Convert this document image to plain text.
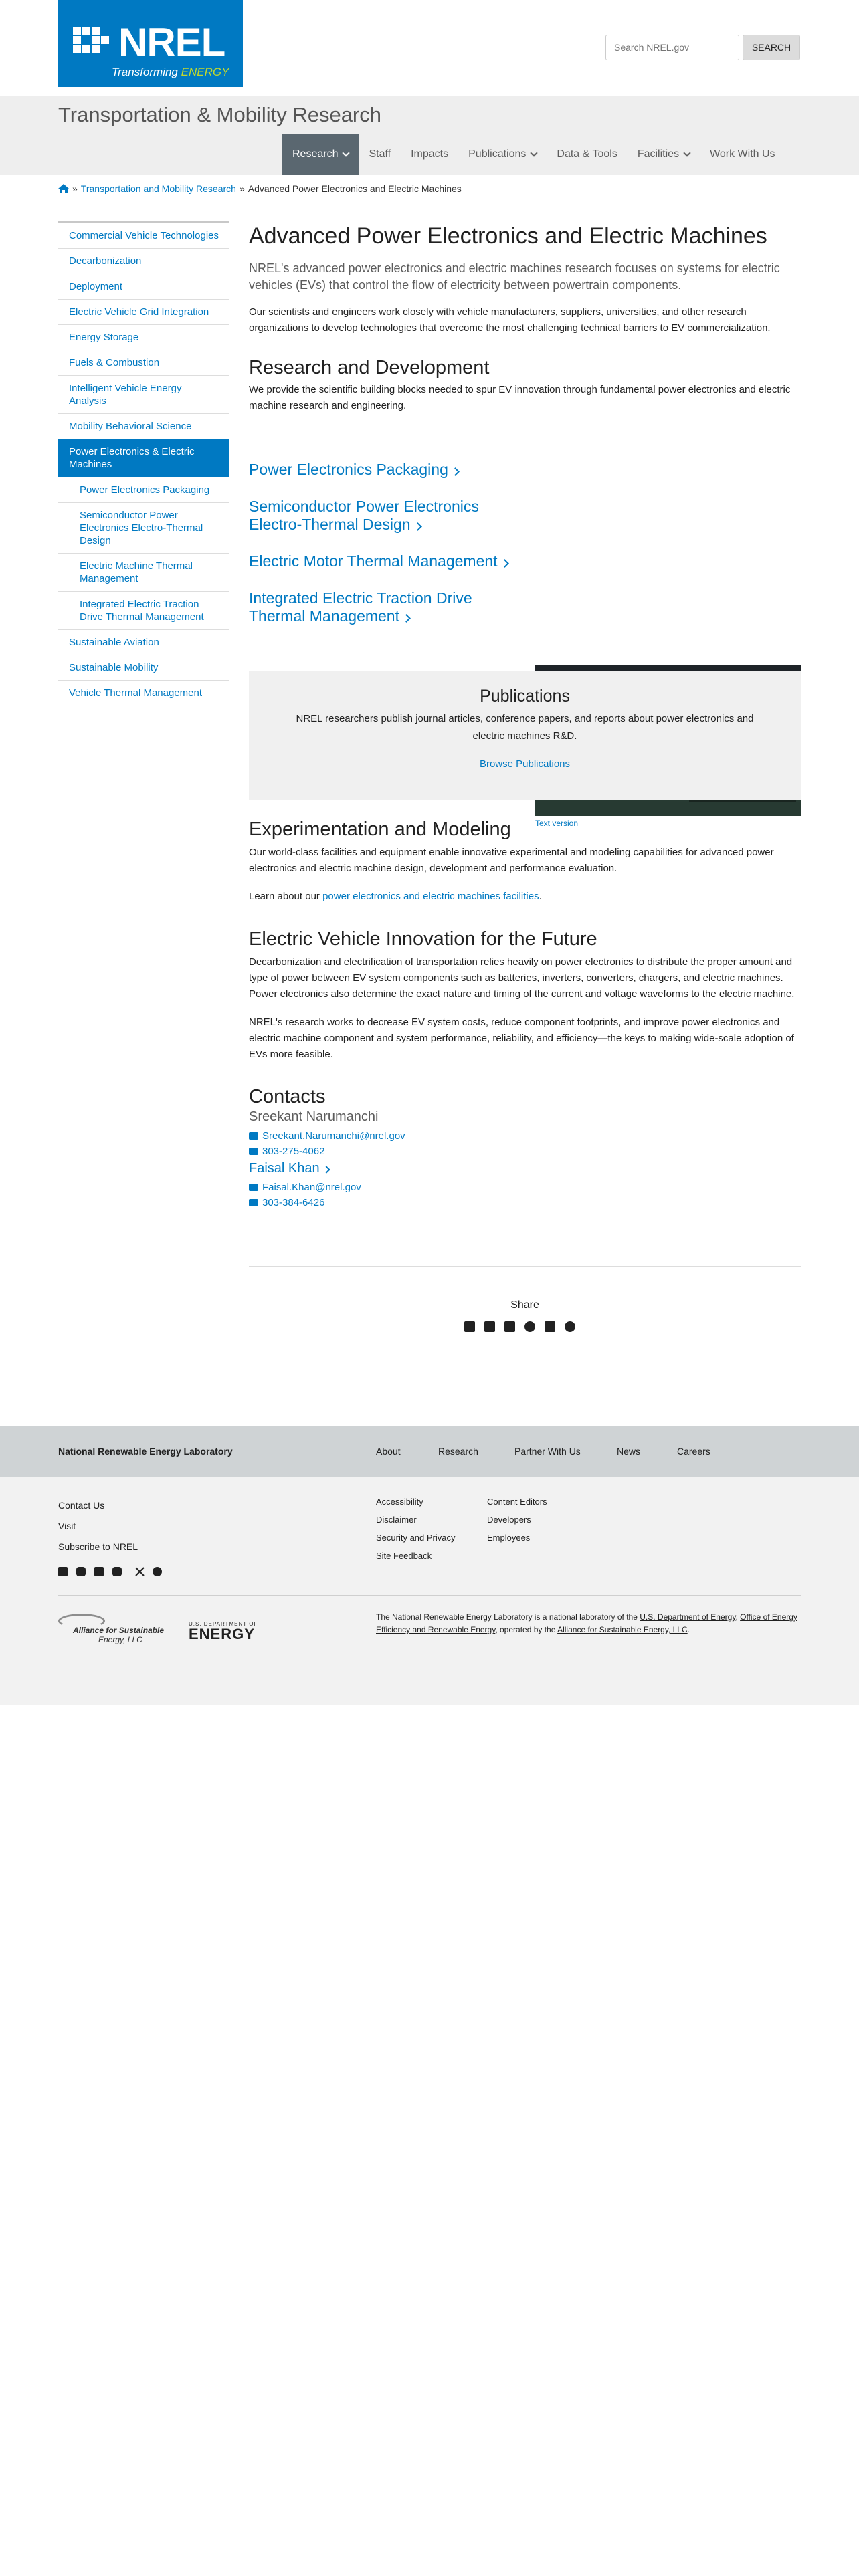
NREL
Transforming ENERGY
Search NREL.gov
SEARCH
Transportation & Mobility Research
Research	Staff Impacts Publications	Data & Tools Facilities	Work With Us
» Transportation and Mobility Research » Advanced Power Electronics and Electric Machines
Commercial Vehicle Technologies
Decarbonization
Deployment
Electric Vehicle Grid Integration
Energy Storage
Fuels & Combustion
Intelligent Vehicle Energy Analysis
Mobility Behavioral Science
Power Electronics & Electric Machines
Power Electronics Packaging
Semiconductor Power Electronics Electro-Thermal Design
Electric Machine Thermal Management
Integrated Electric Traction Drive Thermal Management
Sustainable Aviation
Sustainable Mobility
Vehicle Thermal Management
Advanced Power Electronics and Electric Machines

NREL's advanced power electronics and electric machines research focuses on systems for electric vehicles (EVs) that control the flow of electricity between powertrain components.

Our scientists and engineers work closely with vehicle manufacturers, suppliers, universities, and other research organizations to develop technologies that overcome the most challenging technical barriers to EV commercialization.

Research and Development

We provide the scientific building blocks needed to spur EV innovation through fundamental power electronics and electric machine research and engineering.

Power Electronics Packaging
Semiconductor Power Electronics Electro-Thermal Design
Electric Motor Thermal Management
Integrated Electric Traction Drive Thermal Management
Text version
Publications

NREL researchers publish journal articles, conference papers, and reports about power electronics and electric machines R&D.

Browse Publications
Experimentation and Modeling

Our world-class facilities and equipment enable innovative experimental and modeling capabilities for advanced power electronics and electric machine design, development and performance evaluation.

Learn about our power electronics and electric machines facilities.

Electric Vehicle Innovation for the Future

Decarbonization and electrification of transportation relies heavily on power electronics to distribute the proper amount and type of power between EV system components such as batteries, inverters, converters, chargers, and electric machines. Power electronics also determine the exact nature and timing of the current and voltage waveforms to the electric machine.

NREL's research works to decrease EV system costs, reduce component footprints, and improve power electronics and electric machine component and system performance, reliability, and efficiency—the keys to making wide-scale adoption of EVs more feasible.

Contacts
Sreekant Narumanchi
Sreekant.Narumanchi@nrel.gov
303-275-4062
Faisal Khan
Faisal.Khan@nrel.gov
303-384-6426
Share
National Renewable Energy Laboratory	About	Research	Partner With Us	News	Careers
Contact Us
Visit
Subscribe to NREL
Accessibility
Disclaimer
Security and Privacy
Site Feedback
Content Editors
Developers
Employees
Alliance for Sustainable
Energy, LLC
U.S. DEPARTMENT OF
ENERGY

The National Renewable Energy Laboratory is a national laboratory of the U.S. Department of Energy, Office of Energy Efficiency and Renewable Energy, operated by the Alliance for Sustainable Energy, LLC.
